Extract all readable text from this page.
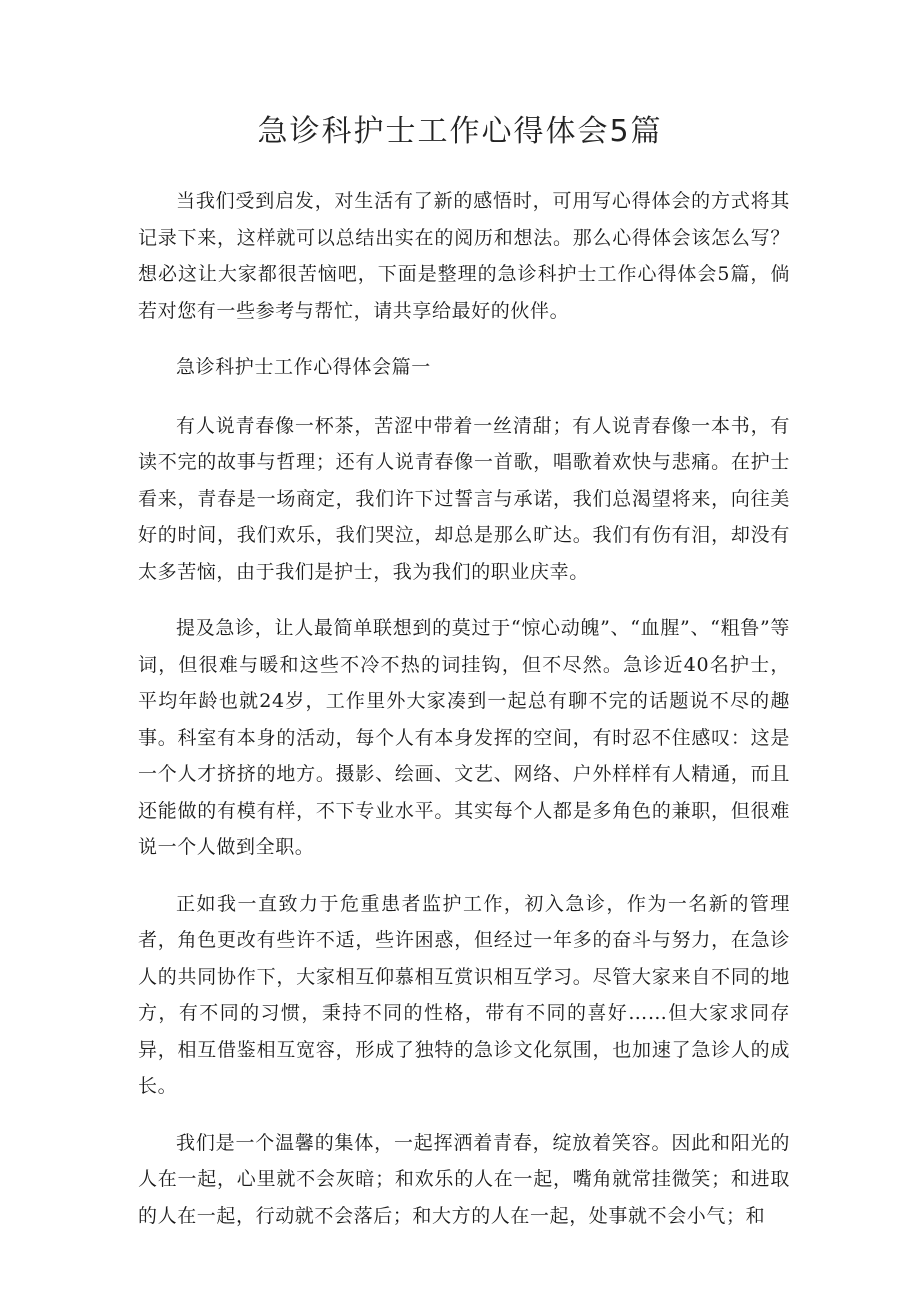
急诊科护士工作心得体会5篇

当我们受到启发，对生活有了新的感悟时，可用写心得体会的方式将其记录下来，这样就可以总结出实在的阅历和想法。那么心得体会该怎么写？想必这让大家都很苦恼吧，下面是整理的急诊科护士工作心得体会5篇，倘若对您有一些参考与帮忙，请共享给最好的伙伴。

急诊科护士工作心得体会篇一

有人说青春像一杯茶，苦涩中带着一丝清甜；有人说青春像一本书，有读不完的故事与哲理；还有人说青春像一首歌，唱歌着欢快与悲痛。在护士看来，青春是一场商定，我们许下过誓言与承诺，我们总渴望将来，向往美好的时间，我们欢乐，我们哭泣，却总是那么旷达。我们有伤有泪，却没有太多苦恼，由于我们是护士，我为我们的职业庆幸。

提及急诊，让人最简单联想到的莫过于“惊心动魄”、“血腥”、“粗鲁”等词，但很难与暖和这些不冷不热的词挂钩，但不尽然。急诊近40名护士，平均年龄也就24岁，工作里外大家凑到一起总有聊不完的话题说不尽的趣事。科室有本身的活动，每个人有本身发挥的空间，有时忍不住感叹：这是一个人才挤挤的地方。摄影、绘画、文艺、网络、户外样样有人精通，而且还能做的有模有样，不下专业水平。其实每个人都是多角色的兼职，但很难说一个人做到全职。

正如我一直致力于危重患者监护工作，初入急诊，作为一名新的管理者，角色更改有些许不适，些许困惑，但经过一年多的奋斗与努力，在急诊人的共同协作下，大家相互仰慕相互赏识相互学习。尽管大家来自不同的地方，有不同的习惯，秉持不同的性格，带有不同的喜好……但大家求同存异，相互借鉴相互宽容，形成了独特的急诊文化氛围，也加速了急诊人的成长。

我们是一个温馨的集体，一起挥洒着青春，绽放着笑容。因此和阳光的人在一起，心里就不会灰暗；和欢乐的人在一起，嘴角就常挂微笑；和进取的人在一起，行动就不会落后；和大方的人在一起，处事就不会小气；和
